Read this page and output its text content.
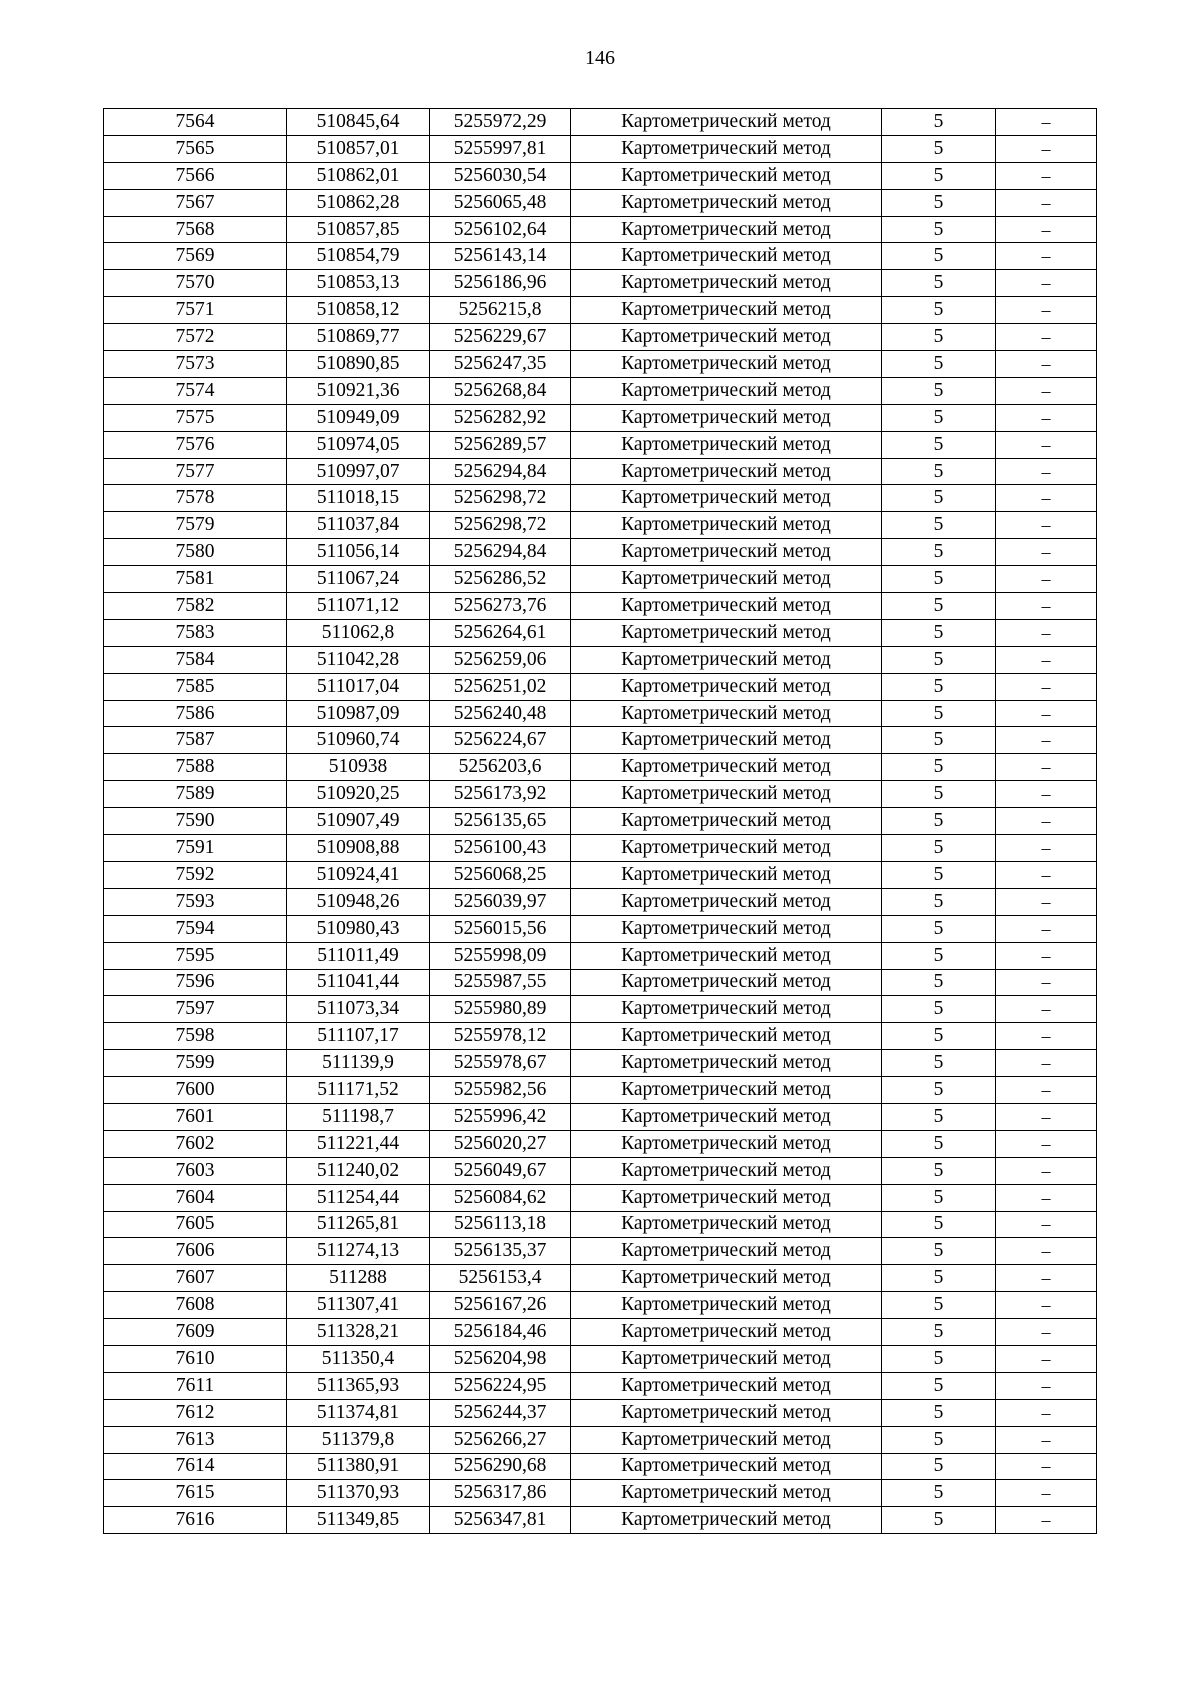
146
7564	510845,64	5255972,29	Картометрический метод	5	–
7565	510857,01	5255997,81	Картометрический метод	5	–
7566	510862,01	5256030,54	Картометрический метод	5	–
7567	510862,28	5256065,48	Картометрический метод	5	–
7568	510857,85	5256102,64	Картометрический метод	5	–
7569	510854,79	5256143,14	Картометрический метод	5	–
7570	510853,13	5256186,96	Картометрический метод	5	–
7571	510858,12	5256215,8	Картометрический метод	5	–
7572	510869,77	5256229,67	Картометрический метод	5	–
7573	510890,85	5256247,35	Картометрический метод	5	–
7574	510921,36	5256268,84	Картометрический метод	5	–
7575	510949,09	5256282,92	Картометрический метод	5	–
7576	510974,05	5256289,57	Картометрический метод	5	–
7577	510997,07	5256294,84	Картометрический метод	5	–
7578	511018,15	5256298,72	Картометрический метод	5	–
7579	511037,84	5256298,72	Картометрический метод	5	–
7580	511056,14	5256294,84	Картометрический метод	5	–
7581	511067,24	5256286,52	Картометрический метод	5	–
7582	511071,12	5256273,76	Картометрический метод	5	–
7583	511062,8	5256264,61	Картометрический метод	5	–
7584	511042,28	5256259,06	Картометрический метод	5	–
7585	511017,04	5256251,02	Картометрический метод	5	–
7586	510987,09	5256240,48	Картометрический метод	5	–
7587	510960,74	5256224,67	Картометрический метод	5	–
7588	510938	5256203,6	Картометрический метод	5	–
7589	510920,25	5256173,92	Картометрический метод	5	–
7590	510907,49	5256135,65	Картометрический метод	5	–
7591	510908,88	5256100,43	Картометрический метод	5	–
7592	510924,41	5256068,25	Картометрический метод	5	–
7593	510948,26	5256039,97	Картометрический метод	5	–
7594	510980,43	5256015,56	Картометрический метод	5	–
7595	511011,49	5255998,09	Картометрический метод	5	–
7596	511041,44	5255987,55	Картометрический метод	5	–
7597	511073,34	5255980,89	Картометрический метод	5	–
7598	511107,17	5255978,12	Картометрический метод	5	–
7599	511139,9	5255978,67	Картометрический метод	5	–
7600	511171,52	5255982,56	Картометрический метод	5	–
7601	511198,7	5255996,42	Картометрический метод	5	–
7602	511221,44	5256020,27	Картометрический метод	5	–
7603	511240,02	5256049,67	Картометрический метод	5	–
7604	511254,44	5256084,62	Картометрический метод	5	–
7605	511265,81	5256113,18	Картометрический метод	5	–
7606	511274,13	5256135,37	Картометрический метод	5	–
7607	511288	5256153,4	Картометрический метод	5	–
7608	511307,41	5256167,26	Картометрический метод	5	–
7609	511328,21	5256184,46	Картометрический метод	5	–
7610	511350,4	5256204,98	Картометрический метод	5	–
7611	511365,93	5256224,95	Картометрический метод	5	–
7612	511374,81	5256244,37	Картометрический метод	5	–
7613	511379,8	5256266,27	Картометрический метод	5	–
7614	511380,91	5256290,68	Картометрический метод	5	–
7615	511370,93	5256317,86	Картометрический метод	5	–
7616	511349,85	5256347,81	Картометрический метод	5	–
